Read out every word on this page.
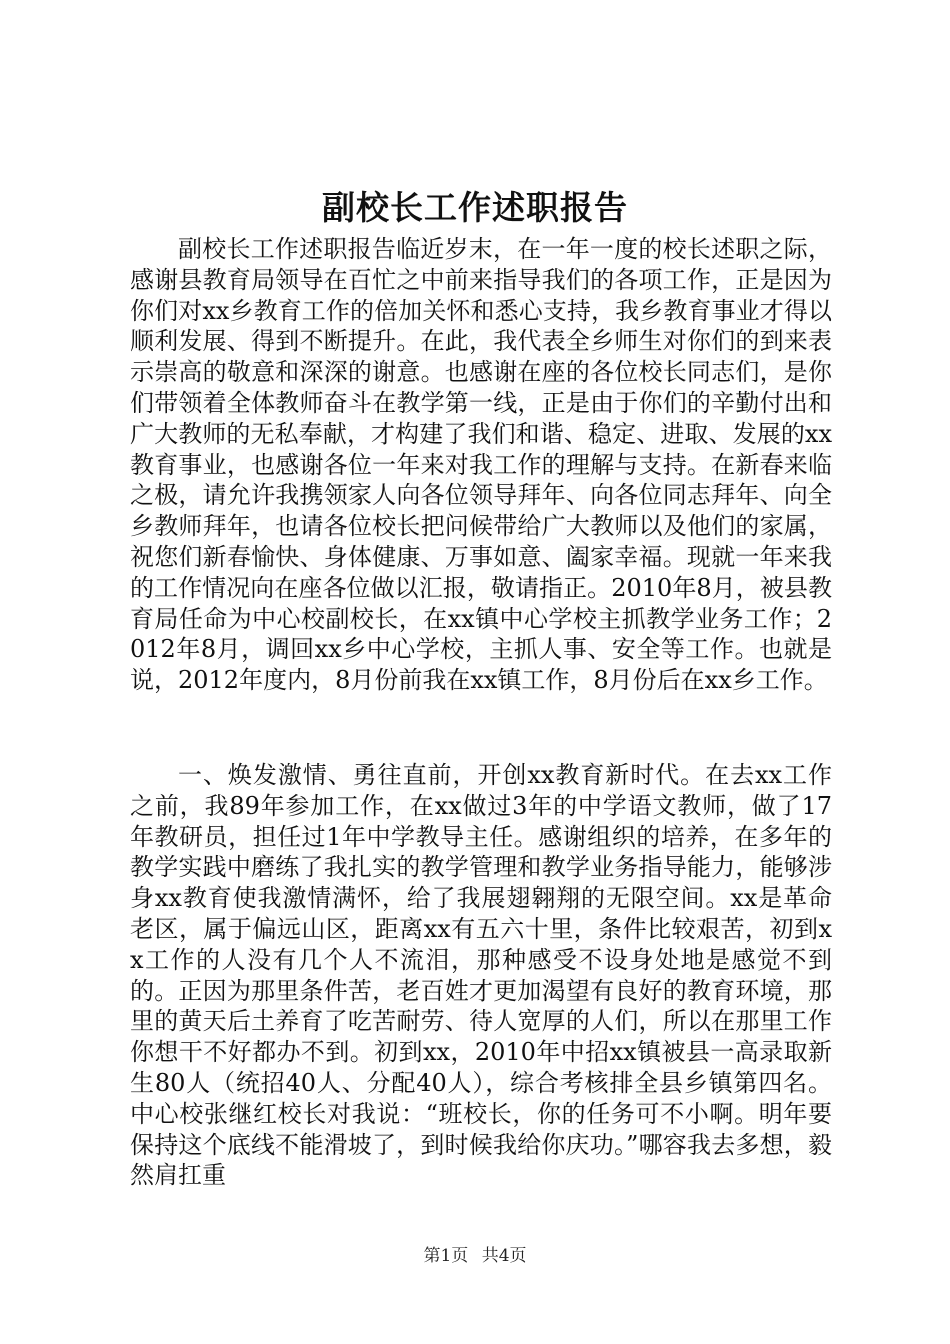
副校长工作述职报告

副校长工作述职报告临近岁末，在一年一度的校长述职之际，感谢县教育局领导在百忙之中前来指导我们的各项工作，正是因为你们对xx乡教育工作的倍加关怀和悉心支持，我乡教育事业才得以顺利发展、得到不断提升。在此，我代表全乡师生对你们的到来表示崇高的敬意和深深的谢意。也感谢在座的各位校长同志们，是你们带领着全体教师奋斗在教学第一线，正是由于你们的辛勤付出和广大教师的无私奉献，才构建了我们和谐、稳定、进取、发展的xx教育事业，也感谢各位一年来对我工作的理解与支持。在新春来临之极，请允许我携领家人向各位领导拜年、向各位同志拜年、向全乡教师拜年，也请各位校长把问候带给广大教师以及他们的家属，祝您们新春愉快、身体健康、万事如意、阖家幸福。现就一年来我的工作情况向在座各位做以汇报，敬请指正。2010年8月，被县教育局任命为中心校副校长，在xx镇中心学校主抓教学业务工作；2012年8月，调回xx乡中心学校，主抓人事、安全等工作。也就是说，2012年度内，8月份前我在xx镇工作，8月份后在xx乡工作。

一、焕发激情、勇往直前，开创xx教育新时代。在去xx工作之前，我89年参加工作，在xx做过3年的中学语文教师，做了17年教研员，担任过1年中学教导主任。感谢组织的培养，在多年的教学实践中磨练了我扎实的教学管理和教学业务指导能力，能够涉身xx教育使我激情满怀，给了我展翅翱翔的无限空间。xx是革命老区，属于偏远山区，距离xx有五六十里，条件比较艰苦，初到xx工作的人没有几个人不流泪，那种感受不设身处地是感觉不到的。正因为那里条件苦，老百姓才更加渴望有良好的教育环境，那里的黄天后土养育了吃苦耐劳、待人宽厚的人们，所以在那里工作你想干不好都办不到。初到xx，2010年中招xx镇被县一高录取新生80人（统招40人、分配40人），综合考核排全县乡镇第四名。中心校张继红校长对我说：“班校长，你的任务可不小啊。明年要保持这个底线不能滑坡了，到时候我给你庆功。”哪容我去多想，毅然肩扛重

第1页 共4页
